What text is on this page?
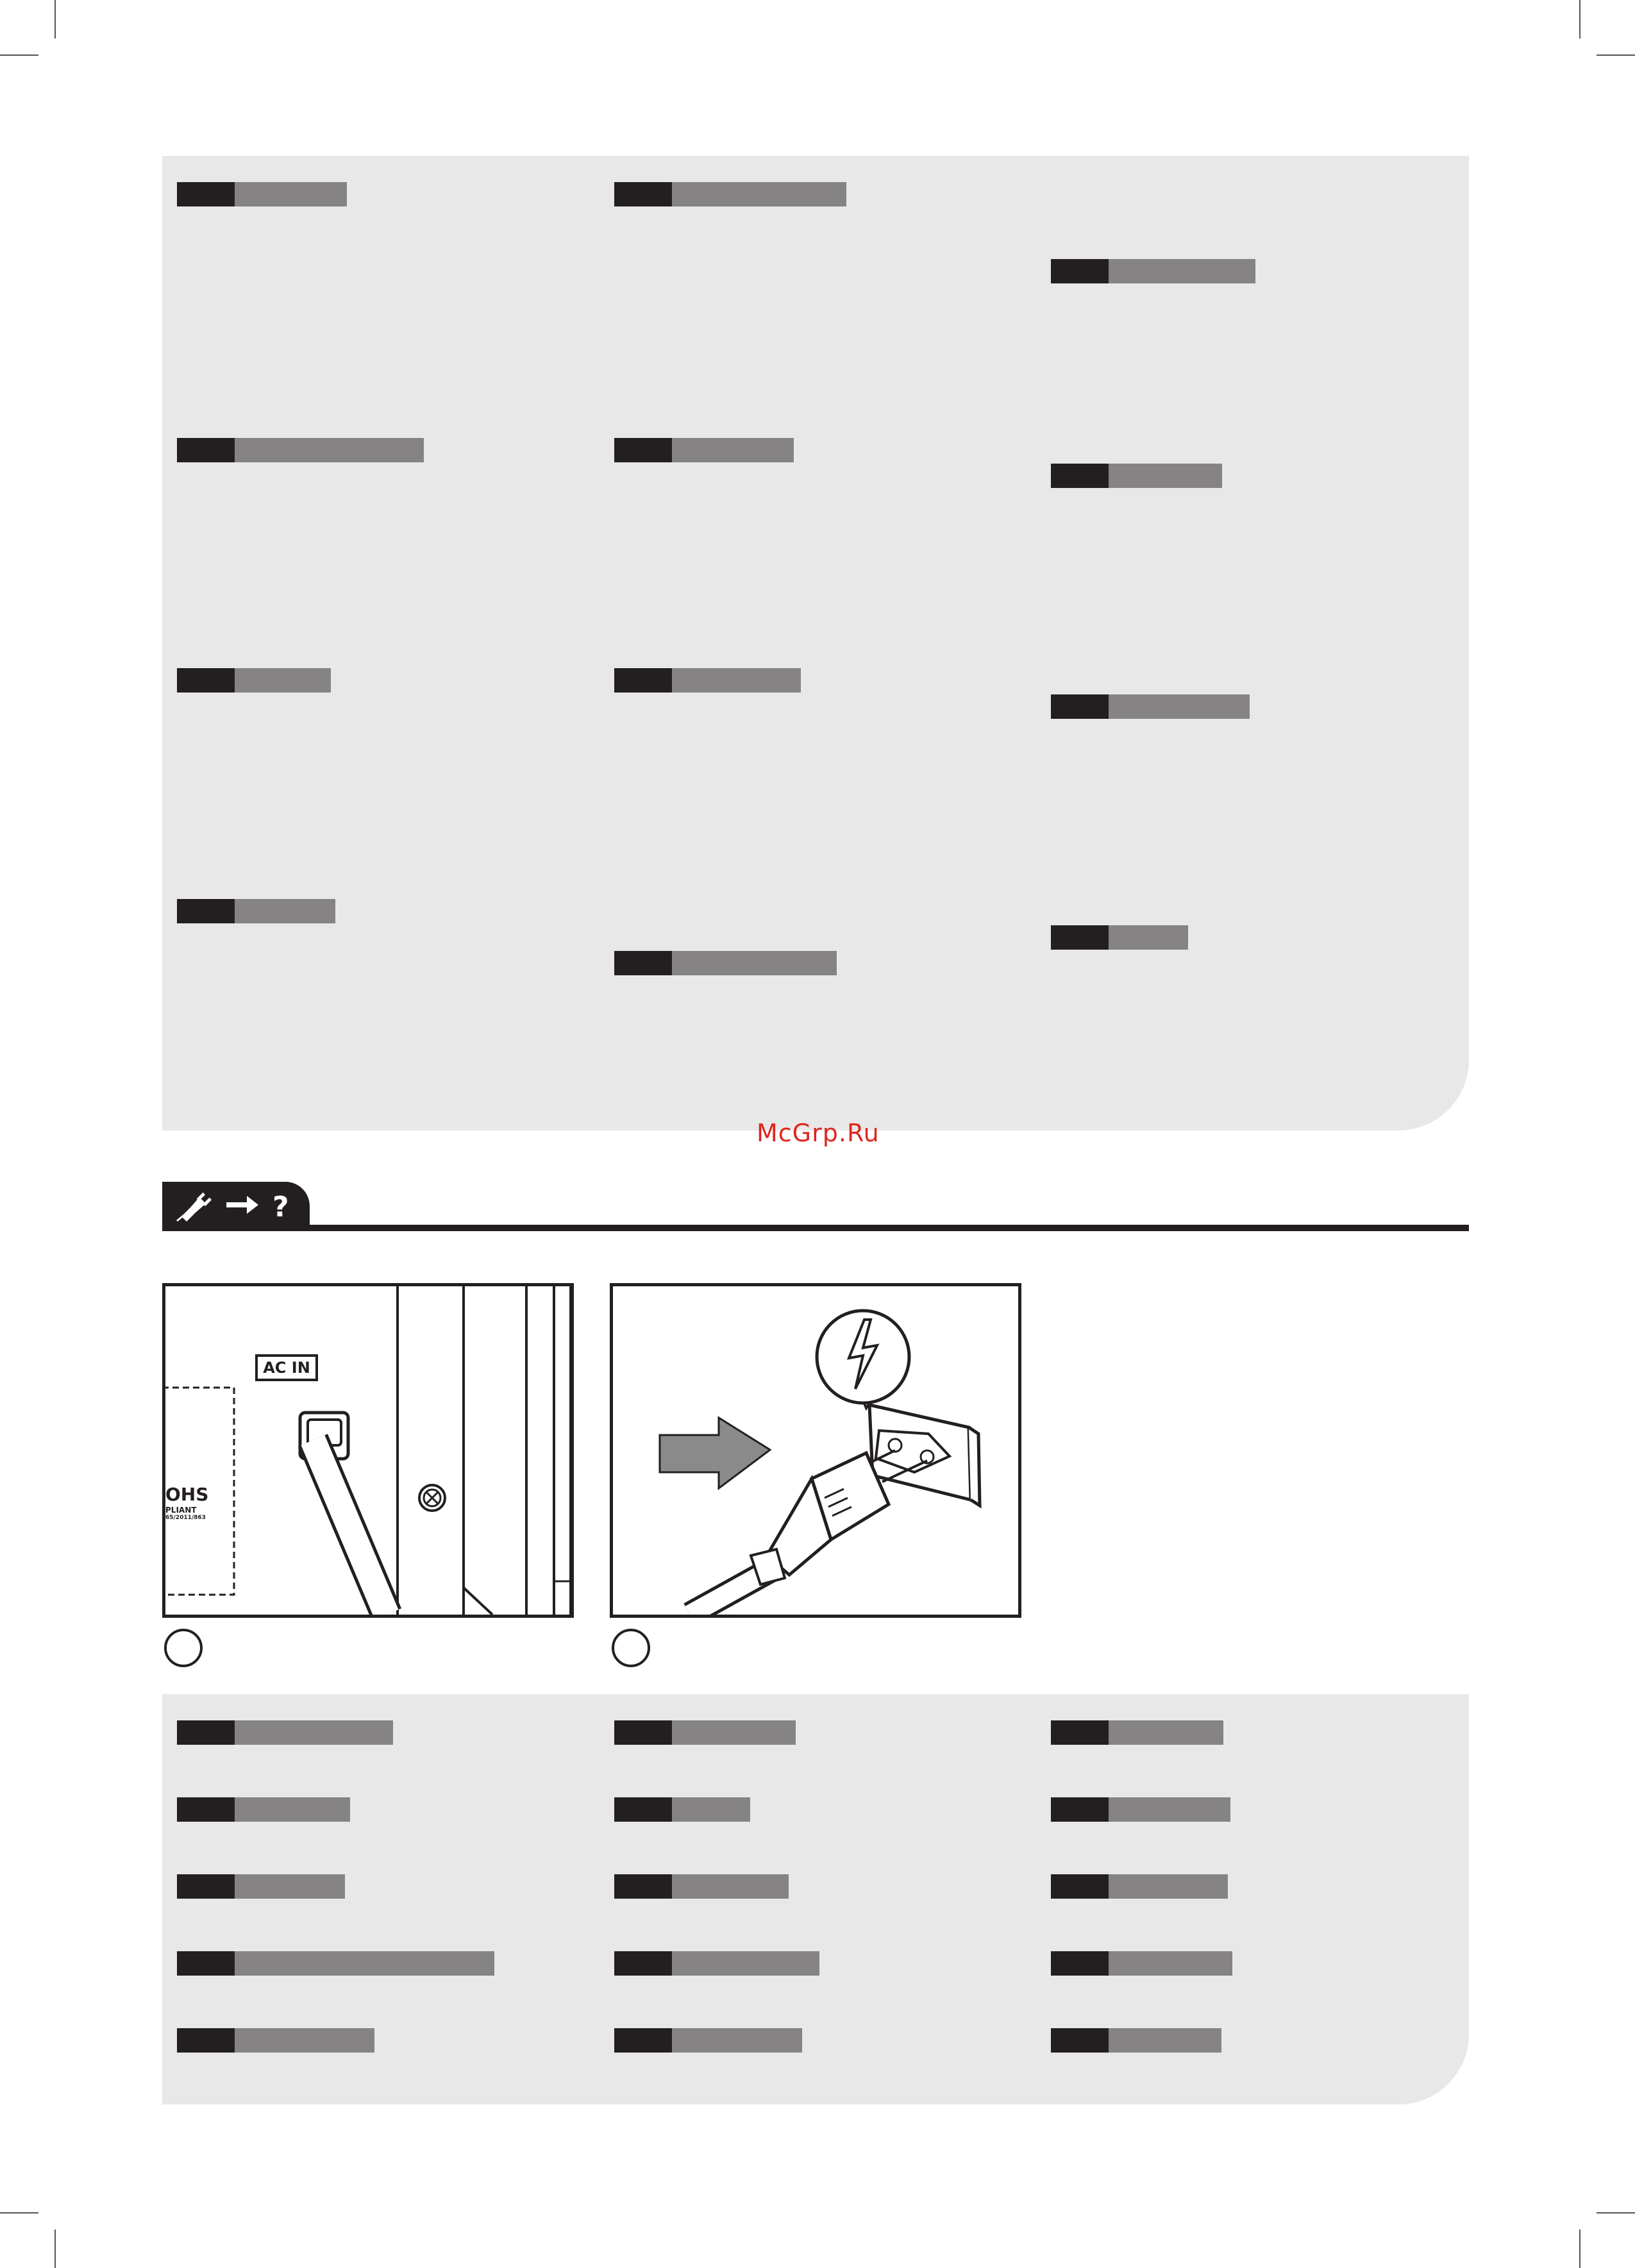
McGrp.Ru
?
AC IN
OHS
PLIANT
65/2011/863
